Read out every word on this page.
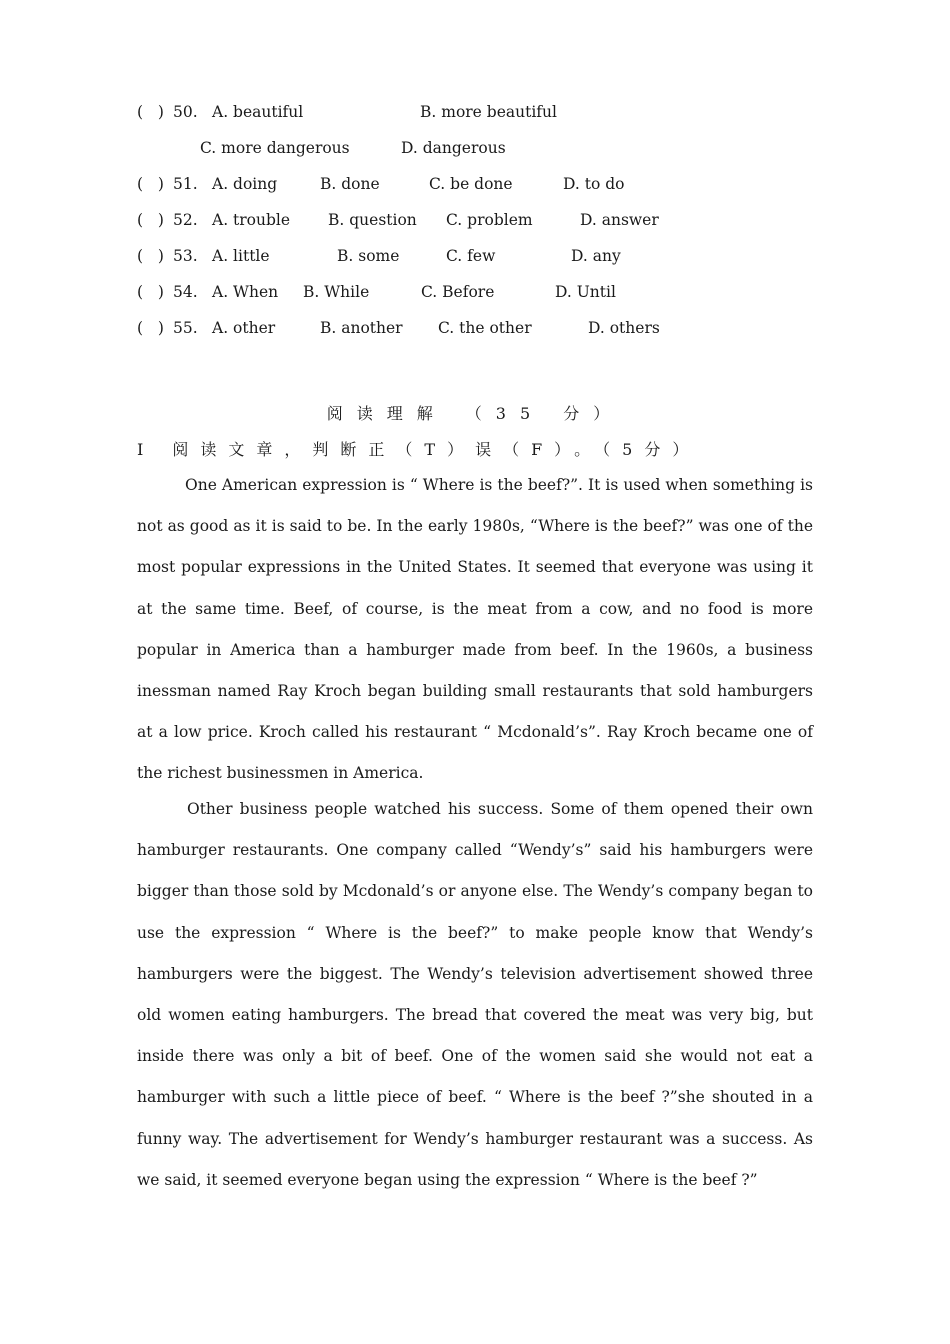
(   )

50.

A. beautiful

	B. more beautiful

C. more dangerous

	D. dangerous

(   )

51.

A. doing

	B. done

	C. be done

	D. to do

(   )

52.

A. trouble

B. question

C. problem

	D. answer

(   )

53.

A. little

	B. some

	C. few

	D. any

(   )

54.

A. When

B. While

	C. Before

	D. Until

(   )

55.

A. other

	B. another

C. the other

	D. others

阅读理解 （35 分）
I 阅读文章，判断正（T）误（F）。（5分）

One American expression is “ Where is the beef?”. It is used when something is not as good as it is said to be. In the early 1980s, “Where is the beef?” was one of the most popular expressions in the United States. It seemed that everyone was using it at the same time. Beef, of course, is the meat from a cow, and no food is more popular in America than a hamburger made from beef. In the 1960s, a business inessman named Ray Kroch began building small restaurants that sold hamburgers at a low price. Kroch called his restaurant “ Mcdonald’s”. Ray Kroch became one of the richest businessmen in America.

Other business people watched his success. Some of them opened their own hamburger restaurants. One company called “Wendy’s” said his hamburgers were bigger than those sold by Mcdonald’s or anyone else. The Wendy’s company began to use the expression “ Where is the beef?” to make people know that Wendy’s hamburgers were the biggest. The Wendy’s television advertisement showed three old women eating hamburgers. The bread that covered the meat was very big, but inside there was only a bit of beef. One of the women said she would not eat a hamburger with such a little piece of beef. “ Where is the beef ?”she shouted in a funny way. The advertisement for Wendy’s hamburger restaurant was a success. As we said, it seemed everyone began using the expression “ Where is the beef ?”
